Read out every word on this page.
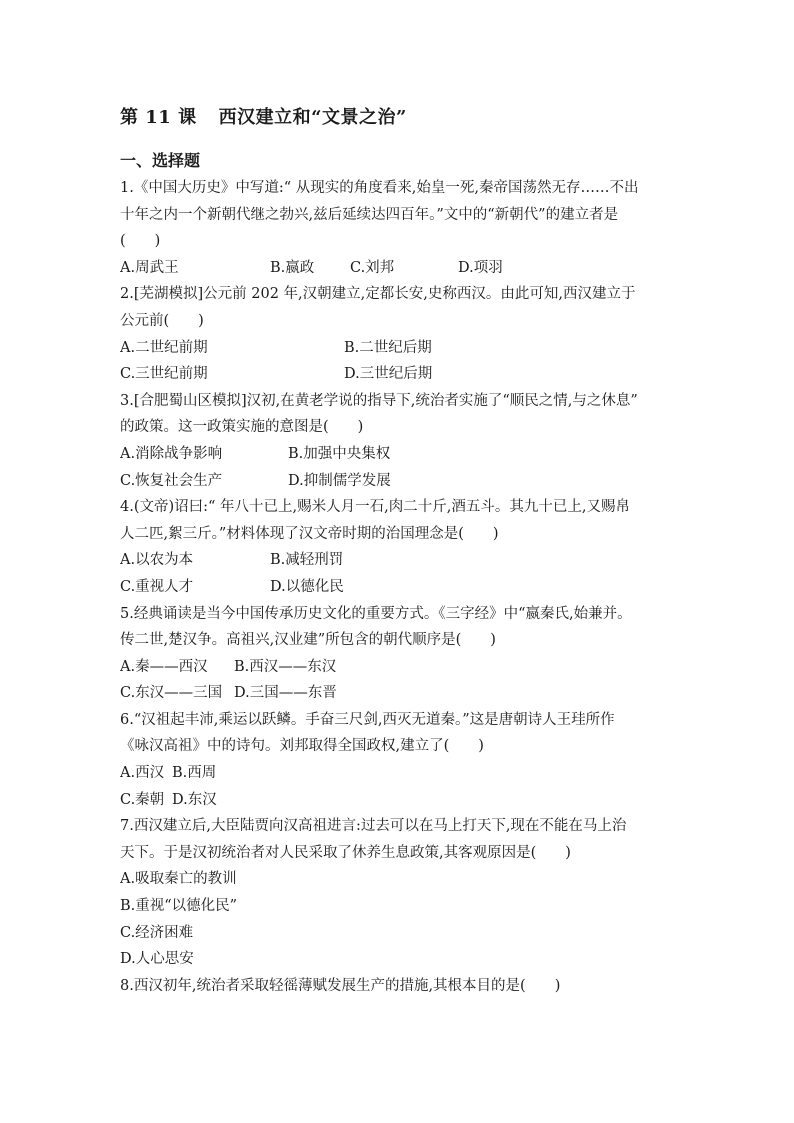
第 11 课 西汉建立和“文景之治”
一、选择题
1.《中国大历史》中写道:“ 从现实的角度看来,始皇一死,秦帝国荡然无存……不出
十年之内一个新朝代继之勃兴,兹后延续达四百年。”文中的“新朝代”的建立者是
(　　)
A.周武王	B.嬴政	C.刘邦	D.项羽
2.[芜湖模拟]公元前 202 年,汉朝建立,定都长安,史称西汉。由此可知,西汉建立于
公元前(　　)
A.二世纪前期	B.二世纪后期
C.三世纪前期	D.三世纪后期
3.[合肥蜀山区模拟]汉初,在黄老学说的指导下,统治者实施了“顺民之情,与之休息”
的政策。这一政策实施的意图是(　　)
A.消除战争影响	B.加强中央集权
C.恢复社会生产	D.抑制儒学发展
4.(文帝)诏曰:“ 年八十已上,赐米人月一石,肉二十斤,酒五斗。其九十已上,又赐帛
人二匹,絮三斤。”材料体现了汉文帝时期的治国理念是(　　)
A.以农为本	B.减轻刑罚
C.重视人才	D.以德化民
5.经典诵读是当今中国传承历史文化的重要方式。《三字经》中“嬴秦氏,始兼并。
传二世,楚汉争。高祖兴,汉业建”所包含的朝代顺序是(　　)
A.秦——西汉	B.西汉——东汉
C.东汉——三国 D.三国——东晋
6.“汉祖起丰沛,乘运以跃鳞。手奋三尺剑,西灭无道秦。”这是唐朝诗人王珪所作
《咏汉高祖》中的诗句。刘邦取得全国政权,建立了(　　)
A.西汉 B.西周
C.秦朝 D.东汉
7.西汉建立后,大臣陆贾向汉高祖进言:过去可以在马上打天下,现在不能在马上治
天下。于是汉初统治者对人民采取了休养生息政策,其客观原因是(　　)
A.吸取秦亡的教训
B.重视“以德化民”
C.经济困难
D.人心思安
8.西汉初年,统治者采取轻徭薄赋发展生产的措施,其根本目的是(　　)
